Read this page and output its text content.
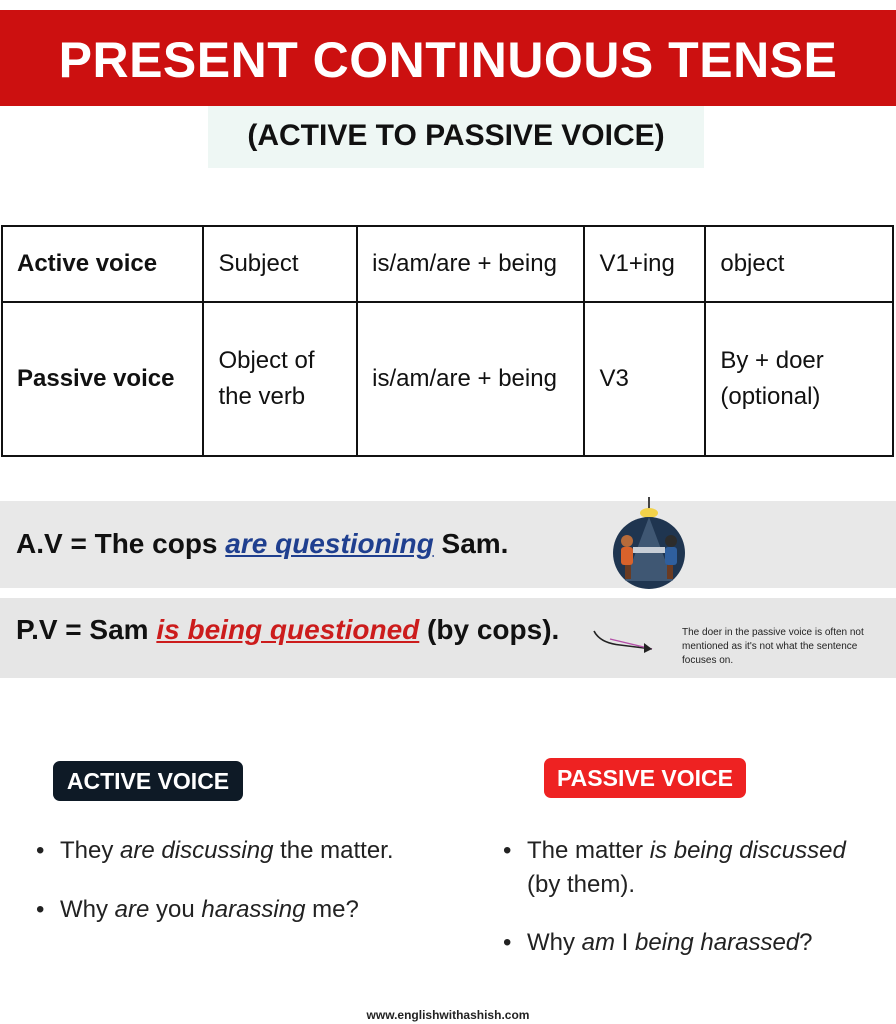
PRESENT CONTINUOUS TENSE
(ACTIVE TO PASSIVE VOICE)
Active voice	Subject	is/am/are + being	V1+ing	object
Passive voice	Object of the verb	is/am/are + being	V3	By + doer (optional)
A.V = The cops are questioning Sam.
P.V = Sam is being questioned (by cops).	The doer in the passive voice is often not mentioned as it's not what the sentence focuses on.
ACTIVE VOICE	PASSIVE VOICE
• They are discussing the matter.
• Why are you harassing me?
• The matter is being discussed (by them).
• Why am I being harassed?
www.englishwithashish.com
